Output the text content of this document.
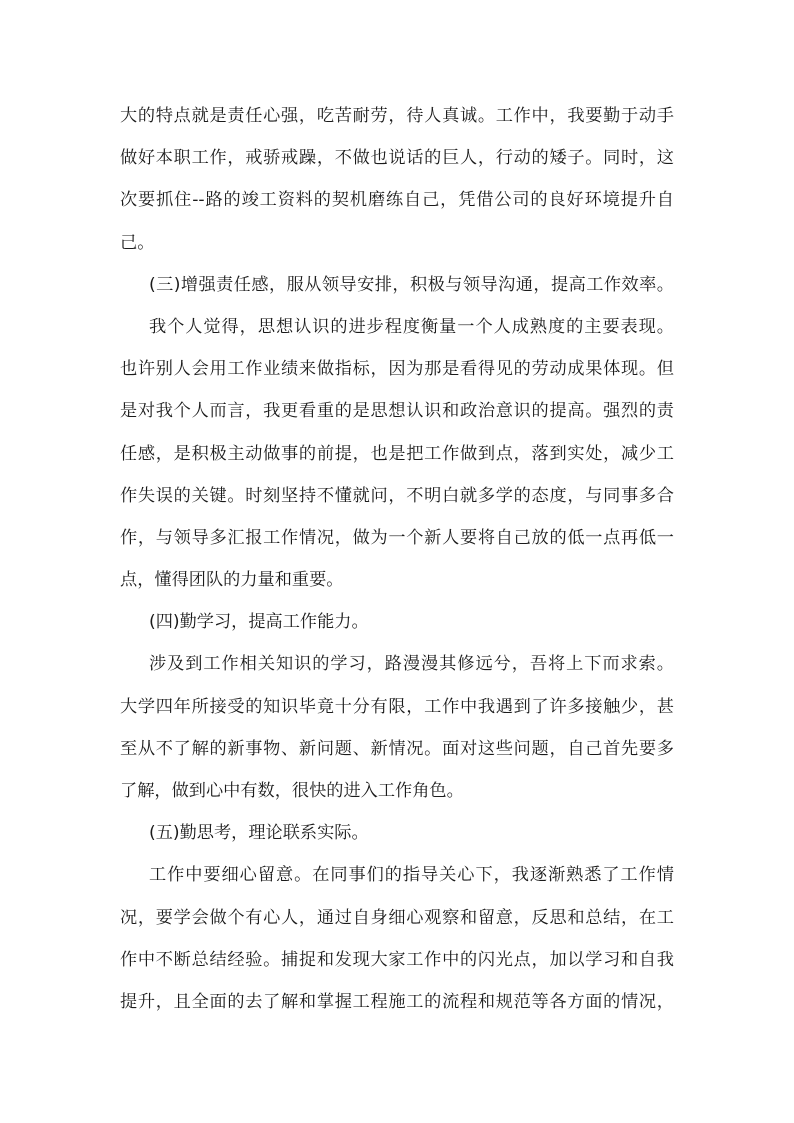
大的特点就是责任心强，吃苦耐劳，待人真诚。工作中，我要勤于动手
做好本职工作，戒骄戒躁，不做也说话的巨人，行动的矮子。同时，这
次要抓住--路的竣工资料的契机磨练自己，凭借公司的良好环境提升自
己。
(三)增强责任感，服从领导安排，积极与领导沟通，提高工作效率。
我个人觉得，思想认识的进步程度衡量一个人成熟度的主要表现。
也许别人会用工作业绩来做指标，因为那是看得见的劳动成果体现。但
是对我个人而言，我更看重的是思想认识和政治意识的提高。强烈的责
任感，是积极主动做事的前提，也是把工作做到点，落到实处，减少工
作失误的关键。时刻坚持不懂就问，不明白就多学的态度，与同事多合
作，与领导多汇报工作情况，做为一个新人要将自己放的低一点再低一
点，懂得团队的力量和重要。
(四)勤学习，提高工作能力。
涉及到工作相关知识的学习，路漫漫其修远兮，吾将上下而求索。
大学四年所接受的知识毕竟十分有限，工作中我遇到了许多接触少，甚
至从不了解的新事物、新问题、新情况。面对这些问题，自己首先要多
了解，做到心中有数，很快的进入工作角色。
(五)勤思考，理论联系实际。
工作中要细心留意。在同事们的指导关心下，我逐渐熟悉了工作情
况，要学会做个有心人，通过自身细心观察和留意，反思和总结，在工
作中不断总结经验。捕捉和发现大家工作中的闪光点，加以学习和自我
提升，且全面的去了解和掌握工程施工的流程和规范等各方面的情况，
